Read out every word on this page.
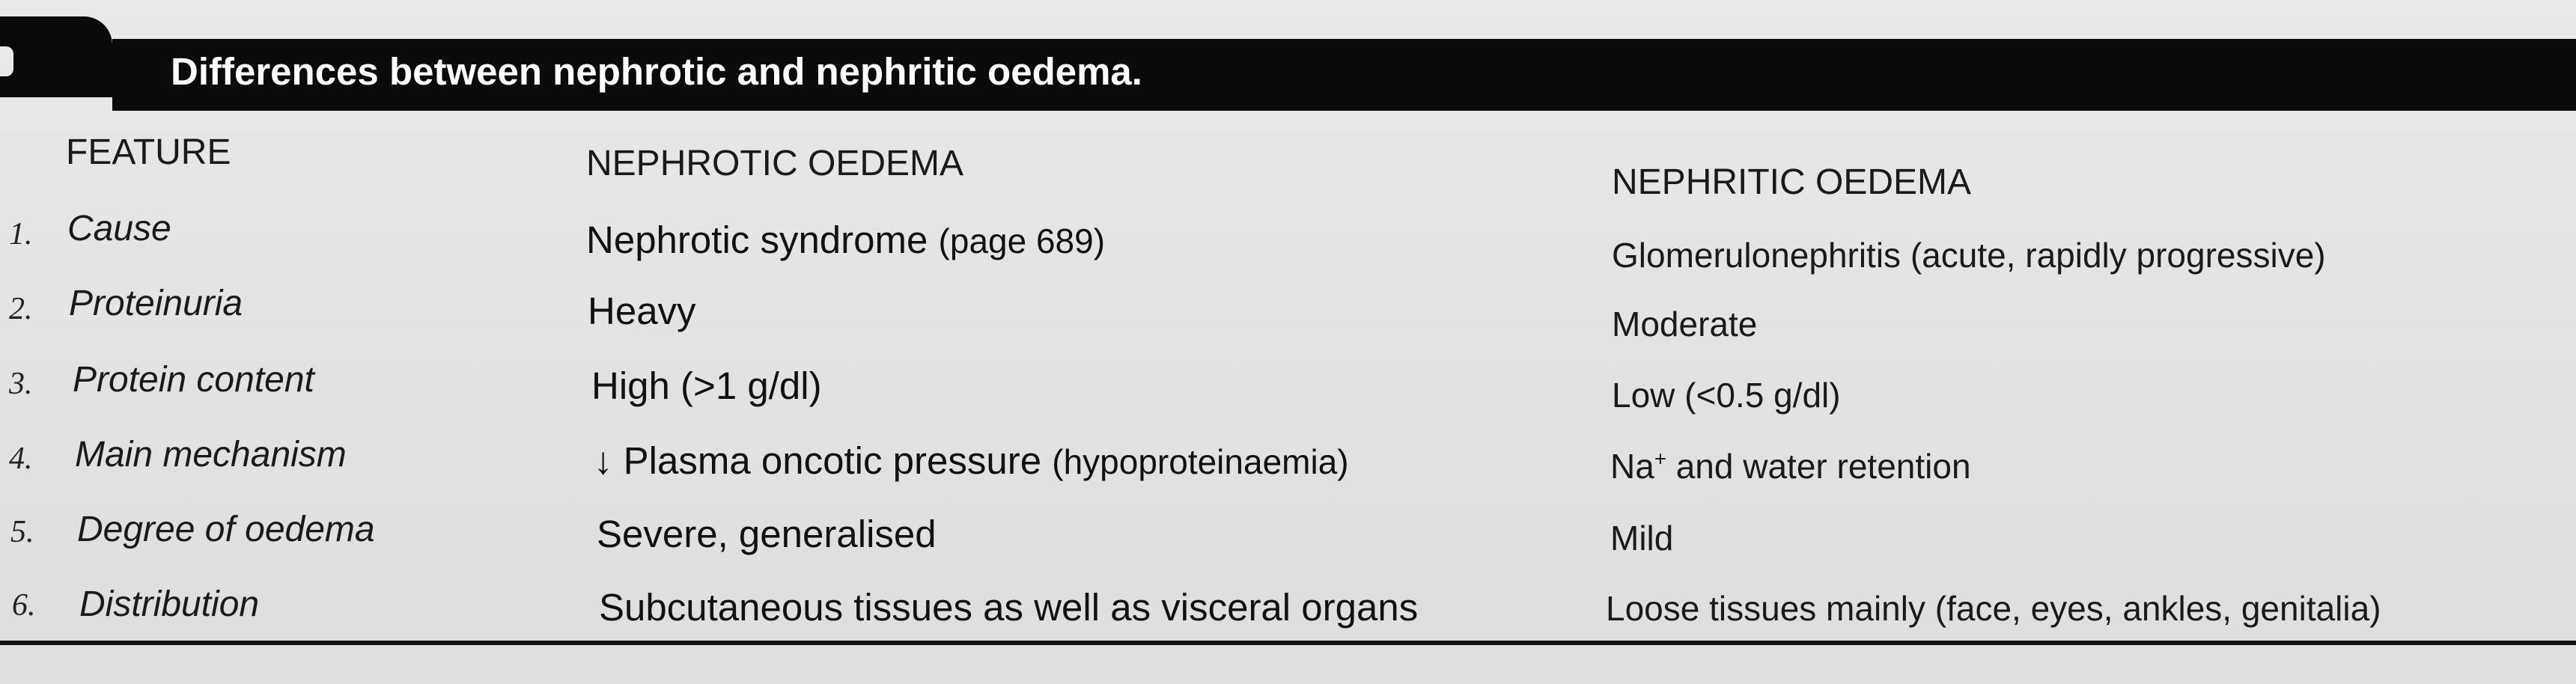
Differences between nephrotic and nephritic oedema.
FEATURE	NEPHROTIC OEDEMA	NEPHRITIC OEDEMA
1. Cause	Nephrotic syndrome (page 689)	Glomerulonephritis (acute, rapidly progressive)
2. Proteinuria	Heavy	Moderate
3. Protein content	High (>1 g/dl)	Low (<0.5 g/dl)
4. Main mechanism	↓ Plasma oncotic pressure (hypoproteinaemia)	Na+ and water retention
5. Degree of oedema	Severe, generalised	Mild
6. Distribution	Subcutaneous tissues as well as visceral organs	Loose tissues mainly (face, eyes, ankles, genitalia)
